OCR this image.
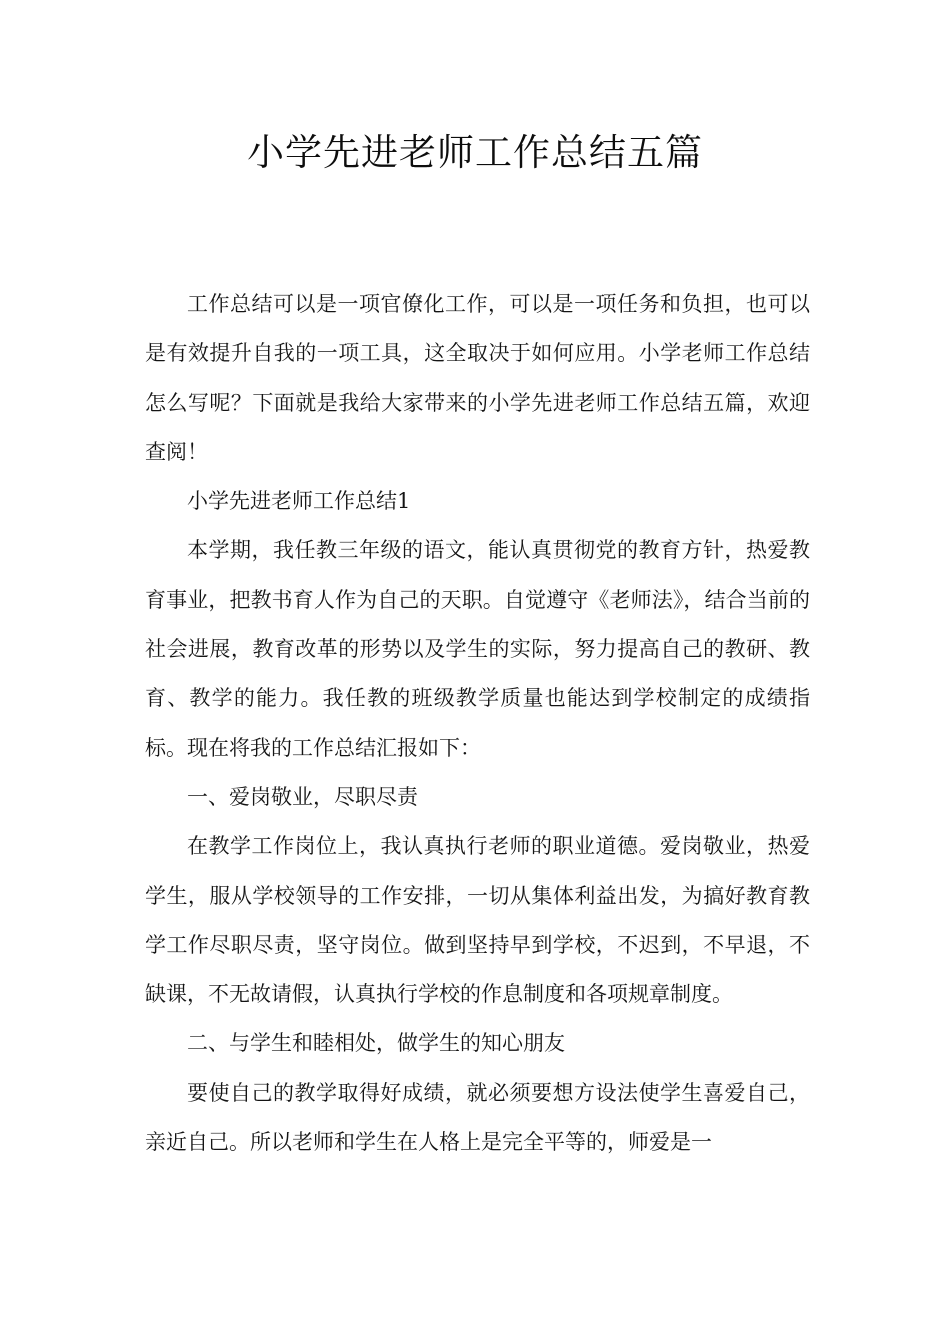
小学先进老师工作总结五篇

工作总结可以是一项官僚化工作，可以是一项任务和负担，也可以是有效提升自我的一项工具，这全取决于如何应用。小学老师工作总结怎么写呢？下面就是我给大家带来的小学先进老师工作总结五篇，欢迎查阅！

小学先进老师工作总结1

本学期，我任教三年级的语文，能认真贯彻党的教育方针，热爱教育事业，把教书育人作为自己的天职。自觉遵守《老师法》，结合当前的社会进展，教育改革的形势以及学生的实际，努力提高自己的教研、教育、教学的能力。我任教的班级教学质量也能达到学校制定的成绩指标。现在将我的工作总结汇报如下：

一、爱岗敬业，尽职尽责

在教学工作岗位上，我认真执行老师的职业道德。爱岗敬业，热爱学生，服从学校领导的工作安排，一切从集体利益出发，为搞好教育教学工作尽职尽责，坚守岗位。做到坚持早到学校，不迟到，不早退，不缺课，不无故请假，认真执行学校的作息制度和各项规章制度。

二、与学生和睦相处，做学生的知心朋友

要使自己的教学取得好成绩，就必须要想方设法使学生喜爱自己，亲近自己。所以老师和学生在人格上是完全平等的，师爱是一
